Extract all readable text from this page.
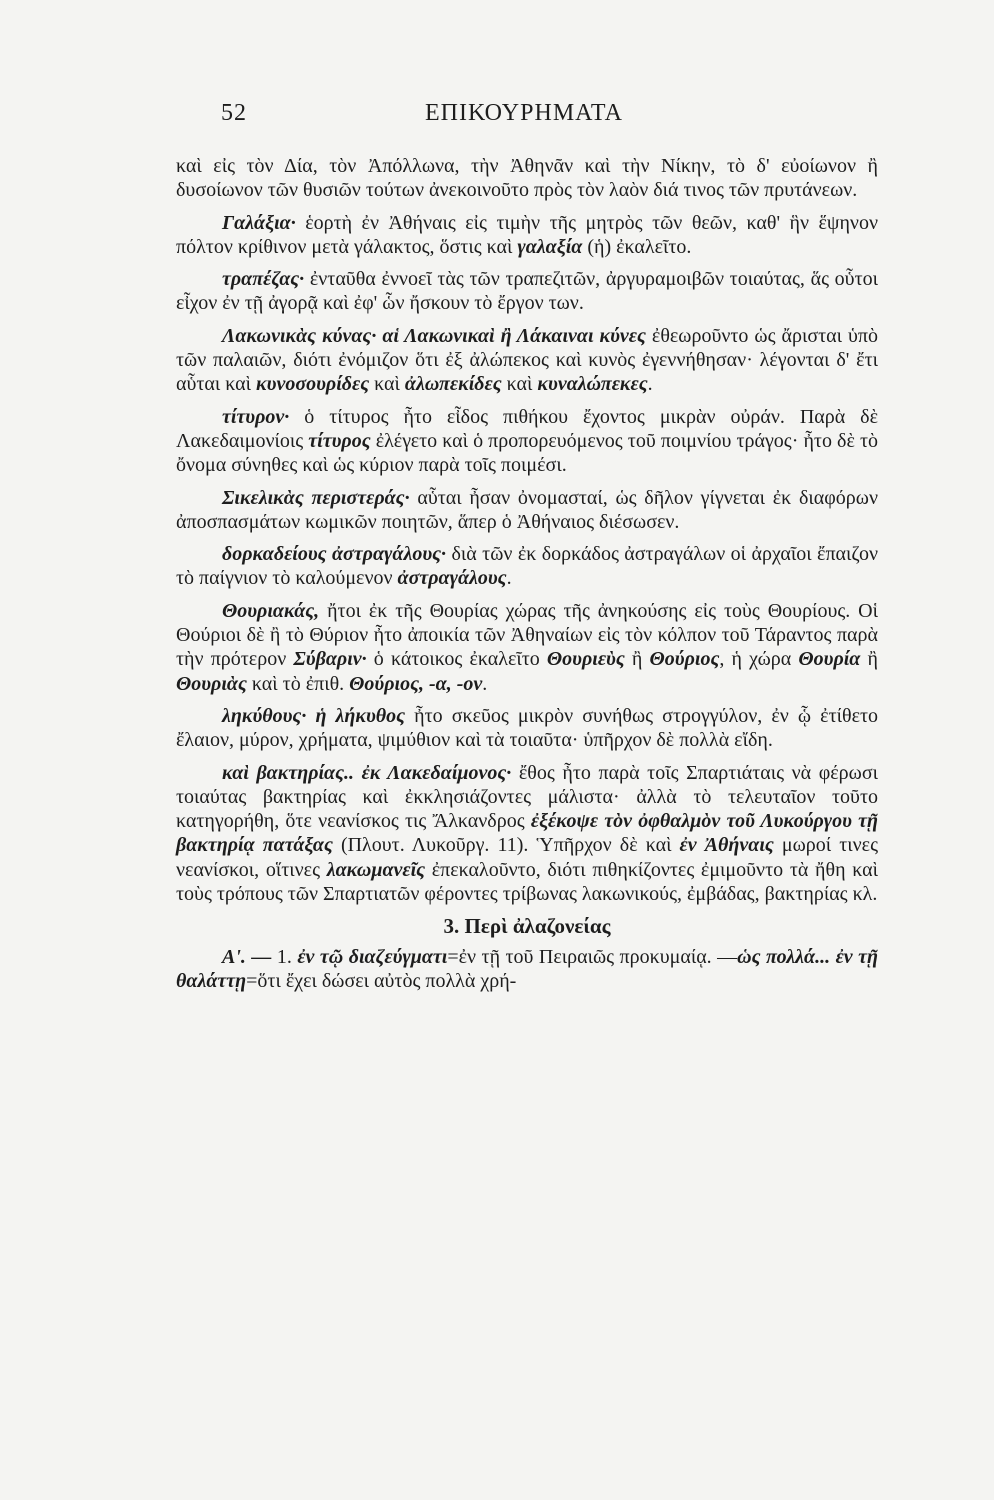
52	ΕΠΙΚΟΥΡΗΜΑΤΑ

καὶ εἰς τὸν Δία, τὸν Ἀπόλλωνα, τὴν Ἀθηνᾶν καὶ τὴν Νίκην, τὸ δ' εὐοίωνον ἢ δυσοίωνον τῶν θυσιῶν τούτων ἀνεκοινοῦτο πρὸς τὸν λαὸν διά τινος τῶν πρυτάνεων.

Γαλάξια· ἑορτὴ ἐν Ἀθήναις εἰς τιμὴν τῆς μητρὸς τῶν θεῶν, καθ' ἣν ἕψηνον πόλτον κρίθινον μετὰ γάλακτος, ὅστις καὶ γαλαξία (ἡ) ἐκαλεῖτο.

τραπέζας· ἐνταῦθα ἐννοεῖ τὰς τῶν τραπεζιτῶν, ἀργυραμοιβῶν τοιαύτας, ἅς οὗτοι εἶχον ἐν τῇ ἀγορᾷ καὶ ἐφ' ὧν ἤσκουν τὸ ἔργον των.

Λακωνικὰς κύνας· αἱ Λακωνικαὶ ἢ Λάκαιναι κύνες ἐθεωροῦντο ὡς ἄρισται ὑπὸ τῶν παλαιῶν, διότι ἐνόμιζον ὅτι ἐξ ἀλώπεκος καὶ κυνὸς ἐγεννήθησαν· λέγονται δ' ἔτι αὗται καὶ κυνοσουρίδες καὶ ἀλωπεκίδες καὶ κυναλώπεκες.

τίτυρον· ὁ τίτυρος ἦτο εἶδος πιθήκου ἔχοντος μικρὰν οὐράν. Παρὰ δὲ Λακεδαιμονίοις τίτυρος ἐλέγετο καὶ ὁ προπορευόμενος τοῦ ποιμνίου τράγος· ἦτο δὲ τὸ ὄνομα σύνηθες καὶ ὡς κύριον παρὰ τοῖς ποιμέσι.

Σικελικὰς περιστεράς· αὗται ἦσαν ὀνομασταί, ὡς δῆλον γίγνεται ἐκ διαφόρων ἀποσπασμάτων κωμικῶν ποιητῶν, ἅπερ ὁ Ἀθήναιος διέσωσεν.

δορκαδείους ἀστραγάλους· διὰ τῶν ἐκ δορκάδος ἀστραγάλων οἱ ἀρχαῖοι ἔπαιζον τὸ παίγνιον τὸ καλούμενον ἀστραγάλους.

Θουριακάς, ἤτοι ἐκ τῆς Θουρίας χώρας τῆς ἀνηκούσης εἰς τοὺς Θουρίους. Οἱ Θούριοι δὲ ἢ τὸ Θύριον ἦτο ἀποικία τῶν Ἀθηναίων εἰς τὸν κόλπον τοῦ Τάραντος παρὰ τὴν πρότερον Σύβαριν· ὁ κάτοικος ἐκαλεῖτο Θουριεὺς ἢ Θούριος, ἡ χώρα Θουρία ἢ Θουριὰς καὶ τὸ ἐπιθ. Θούριος, -α, -ον.

ληκύθους· ἡ λήκυθος ἦτο σκεῦος μικρὸν συνήθως στρογγύλον, ἐν ᾧ ἐτίθετο ἔλαιον, μύρον, χρήματα, ψιμύθιον καὶ τὰ τοιαῦτα· ὑπῆρχον δὲ πολλὰ εἴδη.

καὶ βακτηρίας.. ἐκ Λακεδαίμονος· ἔθος ἦτο παρὰ τοῖς Σπαρτιάταις νὰ φέρωσι τοιαύτας βακτηρίας καὶ ἐκκλησιάζοντες μάλιστα· ἀλλὰ τὸ τελευταῖον τοῦτο κατηγορήθη, ὅτε νεανίσκος τις Ἄλκανδρος ἐξέκοψε τὸν ὀφθαλμὸν τοῦ Λυκούργου τῇ βακτηρίᾳ πατάξας (Πλουτ. Λυκοῦργ. 11). Ὑπῆρχον δὲ καὶ ἐν Ἀθήναις μωροί τινες νεανίσκοι, οἵτινες λακωμανεῖς ἐπεκαλοῦντο, διότι πιθηκίζοντες ἐμιμοῦντο τὰ ἤθη καὶ τοὺς τρόπους τῶν Σπαρτιατῶν φέροντες τρίβωνας λακωνικούς, ἐμβάδας, βακτηρίας κλ.

3. Περὶ ἀλαζονείας

Α'. — 1. ἐν τῷ διαζεύγματι=ἐν τῇ τοῦ Πειραιῶς προκυμαίᾳ. —ὡς πολλά... ἐν τῇ θαλάττῃ=ὅτι ἔχει δώσει αὐτὸς πολλὰ χρή-
